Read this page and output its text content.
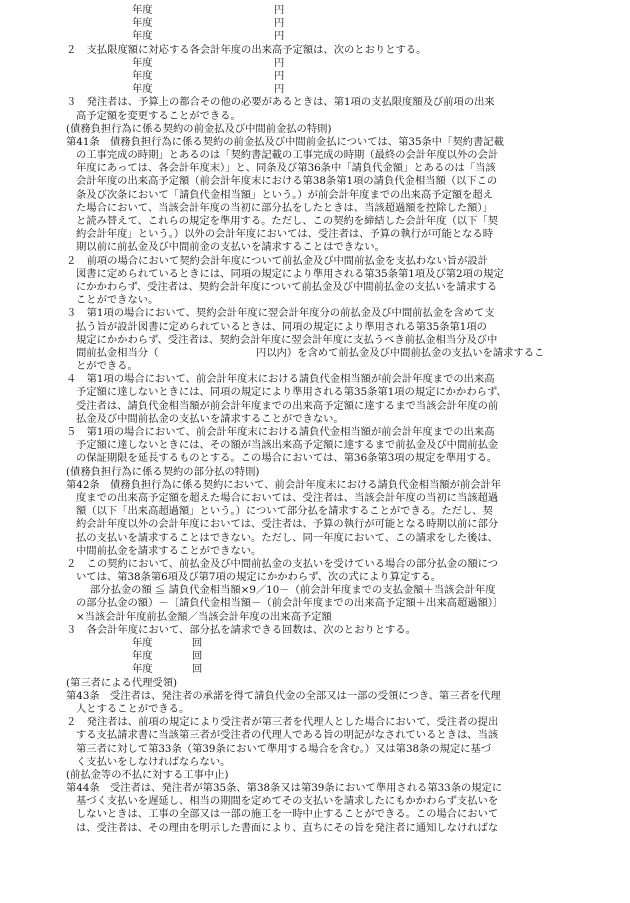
年度	円
年度	円
年度	円
２　支払限度額に対応する各会計年度の出来高予定額は、次のとおりとする。
年度	円
年度	円
年度	円
３　発注者は、予算上の都合その他の必要があるときは、第1項の支払限度額及び前項の出来
高予定額を変更することができる。
(債務負担行為に係る契約の前金払及び中間前金払の特則)
第41条　債務負担行為に係る契約の前金払及び中間前金払については、第35条中「契約書記載
の工事完成の時期」とあるのは「契約書記載の工事完成の時期（最終の会計年度以外の会計
年度にあっては、各会計年度末）」と、同条及び第36条中「請負代金額」とあるのは「当該
会計年度の出来高予定額（前会計年度末における第38条第1項の請負代金相当額（以下この
条及び次条において「請負代金相当額」という。）が前会計年度までの出来高予定額を超え
た場合において、当該会計年度の当初に部分払をしたときは、当該超過額を控除した額）」
と読み替えて、これらの規定を準用する。ただし、この契約を締結した会計年度（以下「契
約会計年度」という。）以外の会計年度においては、受注者は、予算の執行が可能となる時
期以前に前払金及び中間前金の支払いを請求することはできない。
２　前項の場合において契約会計年度について前払金及び中間前払金を支払わない旨が設計
図書に定められているときには、同項の規定により準用される第35条第1項及び第2項の規定
にかかわらず、受注者は、契約会計年度について前払金及び中間前払金の支払いを請求する
ことができない。
３　第1項の場合において、契約会計年度に翌会計年度分の前払金及び中間前払金を含めて支
払う旨が設計図書に定められているときは、同項の規定により準用される第35条第1項の
規定にかかわらず、受注者は、契約会計年度に翌会計年度に支払うべき前払金相当分及び中
間前払金相当分（	円以内）を含めて前払金及び中間前払金の支払いを請求するこ
とができる。
４　第1項の場合において、前会計年度末における請負代金相当額が前会計年度までの出来高
予定額に達しないときには、同項の規定により準用される第35条第1項の規定にかかわらず、
受注者は、請負代金相当額が前会計年度までの出来高予定額に達するまで当該会計年度の前
払金及び中間前払金の支払いを請求することができない。
５　第1項の場合において、前会計年度末における請負代金相当額が前会計年度までの出来高
予定額に達しないときには、その額が当該出来高予定額に達するまで前払金及び中間前払金
の保証期限を延長するものとする。この場合においては、第36条第3項の規定を準用する。
(債務負担行為に係る契約の部分払の特則)
第42条　債務負担行為に係る契約において、前会計年度末における請負代金相当額が前会計年
度までの出来高予定額を超えた場合においては、受注者は、当該会計年度の当初に当該超過
額（以下「出来高超過額」という。）について部分払を請求することができる。ただし、契
約会計年度以外の会計年度においては、受注者は、予算の執行が可能となる時期以前に部分
払の支払いを請求することはできない。ただし、同一年度において、この請求をした後は、
中間前払金を請求することができない。
２　この契約において、前払金及び中間前払金の支払いを受けている場合の部分払金の額につ
いては、第38条第6項及び第7項の規定にかかわらず、次の式により算定する。
部分払金の額 ≦ 請負代金相当額×9／10－（前会計年度までの支払金額＋当該会計年度
の部分払金の額）－〔請負代金相当額－（前会計年度までの出来高予定額＋出来高超過額）〕
×当該会計年度前払金額／当該会計年度の出来高予定額
３　各会計年度において、部分払を請求できる回数は、次のとおりとする。
年度	回
年度	回
年度	回
(第三者による代理受領)
第43条　受注者は、発注者の承諾を得て請負代金の全部又は一部の受領につき、第三者を代理
人とすることができる。
２　発注者は、前項の規定により受注者が第三者を代理人とした場合において、受注者の提出
する支払請求書に当該第三者が受注者の代理人である旨の明記がなされているときは、当該
第三者に対して第33条（第39条において準用する場合を含む。）又は第38条の規定に基づ
く支払いをしなければならない。
(前払金等の不払に対する工事中止)
第44条　受注者は、発注者が第35条、第38条又は第39条において準用される第33条の規定に
基づく支払いを遅延し、相当の期間を定めてその支払いを請求したにもかかわらず支払いを
しないときは、工事の全部又は一部の施工を一時中止することができる。この場合において
は、受注者は、その理由を明示した書面により、直ちにその旨を発注者に通知しなければな
